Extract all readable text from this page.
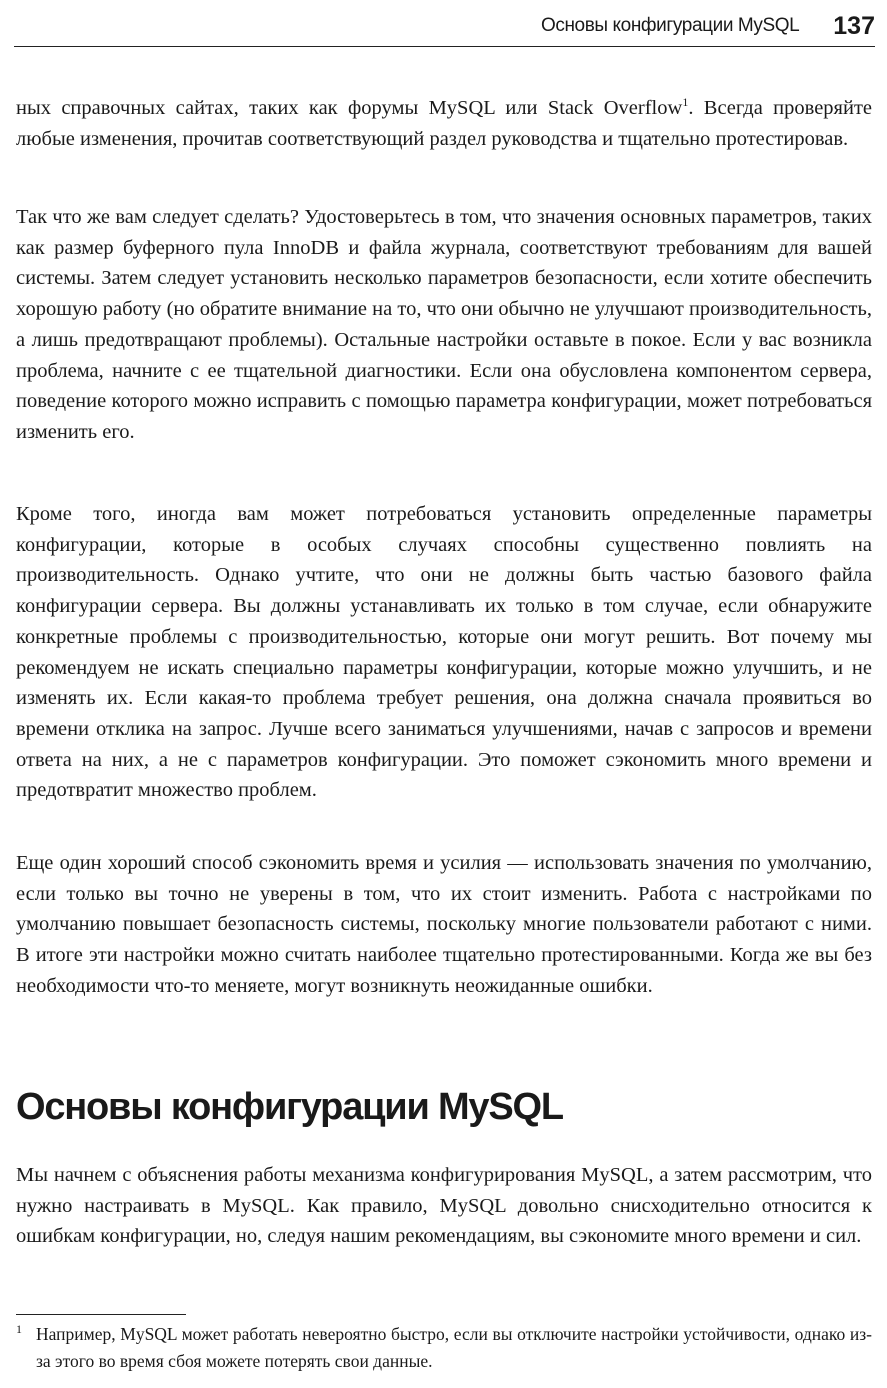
Основы конфигурации MySQL 137

ных справочных сайтах, таких как форумы MySQL или Stack Overflow$^1$. Всегда проверяйте любые изменения, прочитав соответствующий раздел руководства и тщательно протестировав.

Так что же вам следует сделать? Удостоверьтесь в том, что значения основных параметров, таких как размер буферного пула InnoDB и файла журнала, соответствуют требованиям для вашей системы. Затем следует установить несколько параметров безопасности, если хотите обеспечить хорошую работу (но обратите внимание на то, что они обычно не улучшают производительность, а лишь предотвращают проблемы). Остальные настройки оставьте в покое. Если у вас возникла проблема, начните с ее тщательной диагностики. Если она обусловлена компонентом сервера, поведение которого можно исправить с помощью параметра конфигурации, может потребоваться изменить его.

Кроме того, иногда вам может потребоваться установить определенные параметры конфигурации, которые в особых случаях способны существенно повлиять на производительность. Однако учтите, что они не должны быть частью базового файла конфигурации сервера. Вы должны устанавливать их только в том случае, если обнаружите конкретные проблемы с производительностью, которые они могут решить. Вот почему мы рекомендуем не искать специально параметры конфигурации, которые можно улучшить, и не изменять их. Если какая-то проблема требует решения, она должна сначала проявиться во времени отклика на запрос. Лучше всего заниматься улучшениями, начав с запросов и времени ответа на них, а не с параметров конфигурации. Это поможет сэкономить много времени и предотвратит множество проблем.

Еще один хороший способ сэкономить время и усилия — использовать значения по умолчанию, если только вы точно не уверены в том, что их стоит изменить. Работа с настройками по умолчанию повышает безопасность системы, поскольку многие пользователи работают с ними. В итоге эти настройки можно считать наиболее тщательно протестированными. Когда же вы без необходимости что-то меняете, могут возникнуть неожиданные ошибки.

Основы конфигурации MySQL

Мы начнем с объяснения работы механизма конфигурирования MySQL, а затем рассмотрим, что нужно настраивать в MySQL. Как правило, MySQL довольно снисходительно относится к ошибкам конфигурации, но, следуя нашим рекомендациям, вы сэкономите много времени и сил.

1 Например, MySQL может работать невероятно быстро, если вы отключите настройки устойчивости, однако из-за этого во время сбоя можете потерять свои данные.
